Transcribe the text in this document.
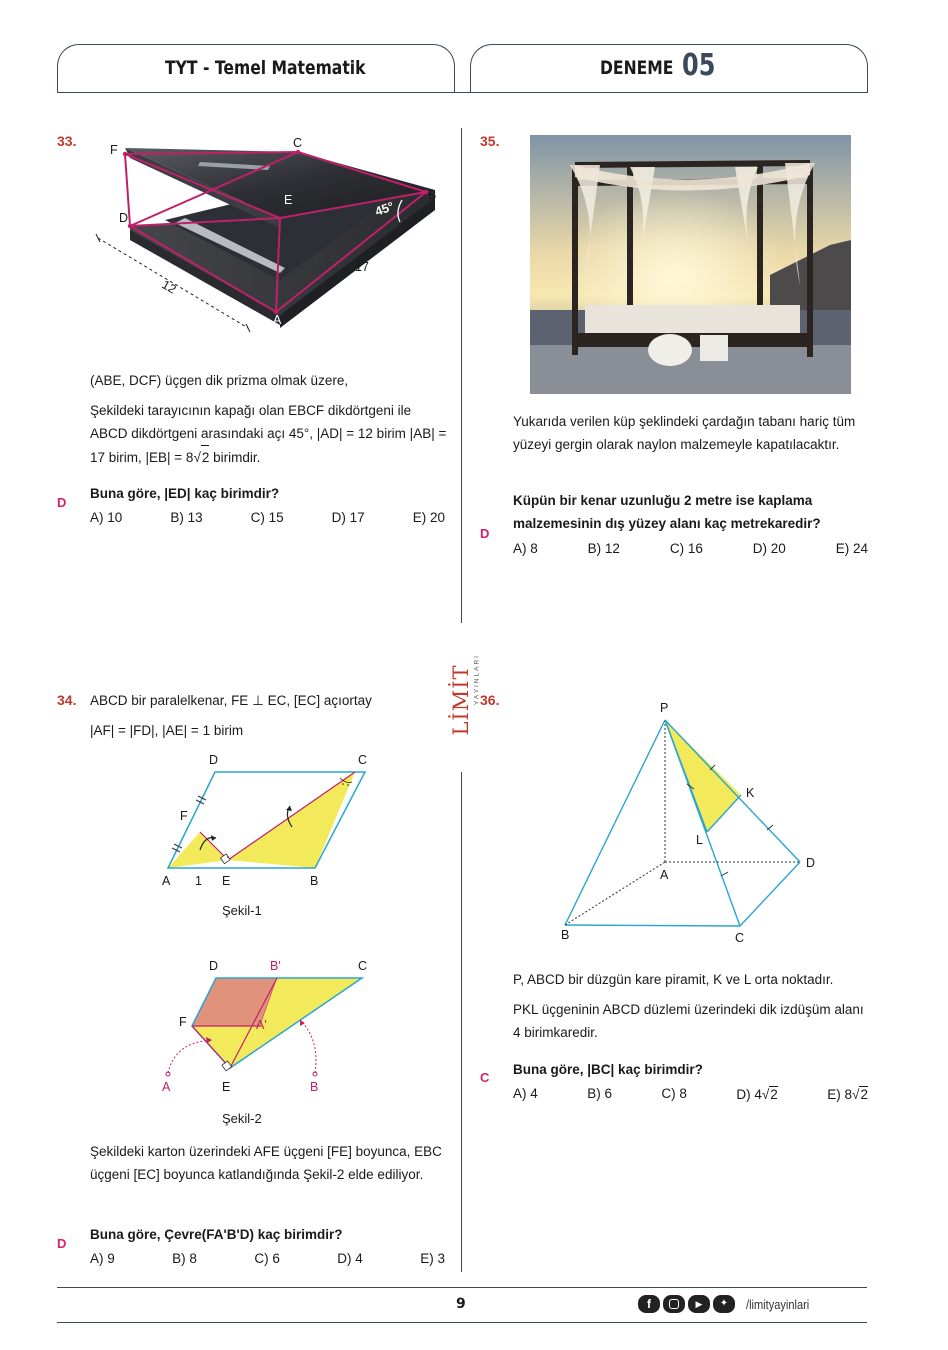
TYT - Temel Matematik	DENEME 05
LİMİT YAYINLARI
33.
F	C
B
D
E
A
45°
12
17
(ABE, DCF) üçgen dik prizma olmak üzere,
Şekildeki tarayıcının kapağı olan EBCF dikdörtgeni ile ABCD dikdörtgeni arasındaki açı 45°, |AD| = 12 birim |AB| = 17 birim, |EB| = 8√2 birimdir.
D
Buna göre, |ED| kaç birimdir?
A) 10	B) 13	C) 15	D) 17	E) 20
34. ABCD bir paralelkenar, FE ⊥ EC, [EC] açıortay
|AF| = |FD|, |AE| = 1 birim
D	C
F
A 1 E	B
Şekil-1
D	B'	C
F	A'
A	E	B
Şekil-2
Şekildeki karton üzerindeki AFE üçgeni [FE] boyunca, EBC üçgeni [EC] boyunca katlandığında Şekil-2 elde ediliyor.
D
Buna göre, Çevre(FA'B'D) kaç birimdir?
A) 9	B) 8	C) 6	D) 4	E) 3
35.
Yukarıda verilen küp şeklindeki çardağın tabanı hariç tüm yüzeyi gergin olarak naylon malzemeyle kapatılacaktır.
D
Küpün bir kenar uzunluğu 2 metre ise kaplama malzemesinin dış yüzey alanı kaç metrekaredir?
A) 8	B) 12	C) 16	D) 20	E) 24
36.	P
K
L
A
D
B	C
P, ABCD bir düzgün kare piramit, K ve L orta noktadır.
PKL üçgeninin ABCD düzlemi üzerindeki dik izdüşüm alanı 4 birimkaredir.
C
Buna göre, |BC| kaç birimdir?
A) 4	B) 6	C) 8	D) 4√2	E) 8√2
9	f	▶	✦	/limityayinlari
